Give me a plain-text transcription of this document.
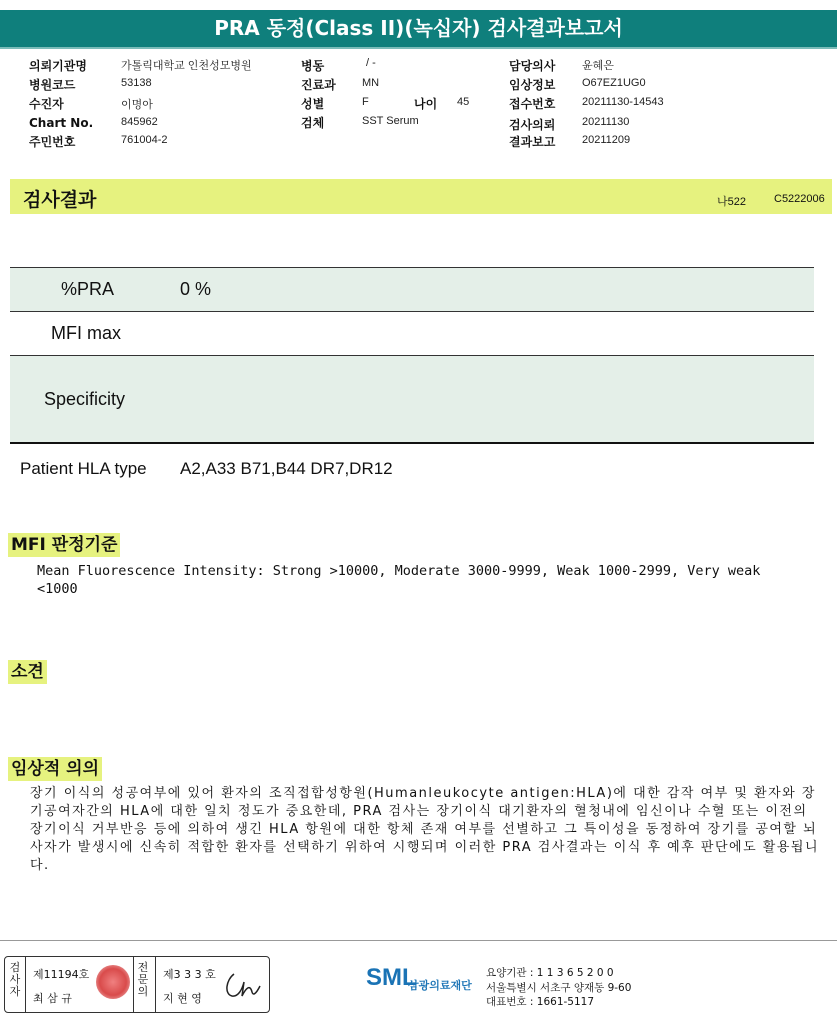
PRA 동정(Class II)(녹십자) 검사결과보고서
의뢰기관명	가톨릭대학교 인천성모병원
병원코드	53138
수진자	이명아
Chart No.	845962
주민번호	761004-2
병동	/ -
진료과 MN
성별	F	나이 45
검체	SST Serum
담당의사 윤혜은
임상정보 O67EZ1UG0
접수번호 20211130-14543
검사의뢰 20211130
결과보고 20211209
검사결과	나522	C5222006
%PRA	0 %
MFI max
Specificity
Patient HLA type A2,A33 B71,B44 DR7,DR12
MFI 판정기준
Mean Fluorescence Intensity: Strong >10000, Moderate 3000-9999, Weak 1000-2999, Very weak <1000
소견
임상적 의의
장기 이식의 성공여부에 있어 환자의 조직접합성항원(Humanleukocyte antigen:HLA)에 대한 감작 여부 및 환자와 장기공여자간의 HLA에 대한 일치 정도가 중요한데, PRA 검사는 장기이식 대기환자의 혈청내에 임신이나 수혈 또는 이전의 장기이식 거부반응 등에 의하여 생긴 HLA 항원에 대한 항체 존재 여부를 선별하고 그 특이성을 동정하여 장기를 공여할 뇌사자가 발생시에 신속히 적합한 환자를 선택하기 위하여 시행되며 이러한 PRA 검사결과는 이식 후 예후 판단에도 활용됩니다.
검사자
제11194호
최 삼 규
전문의
제3 3 3 호
지 현 영
SML
삼광의료재단
요양기관 : 1 1 3 6 5 2 0 0
서울특별시 서초구 양재동 9-60
대표번호 : 1661-5117
